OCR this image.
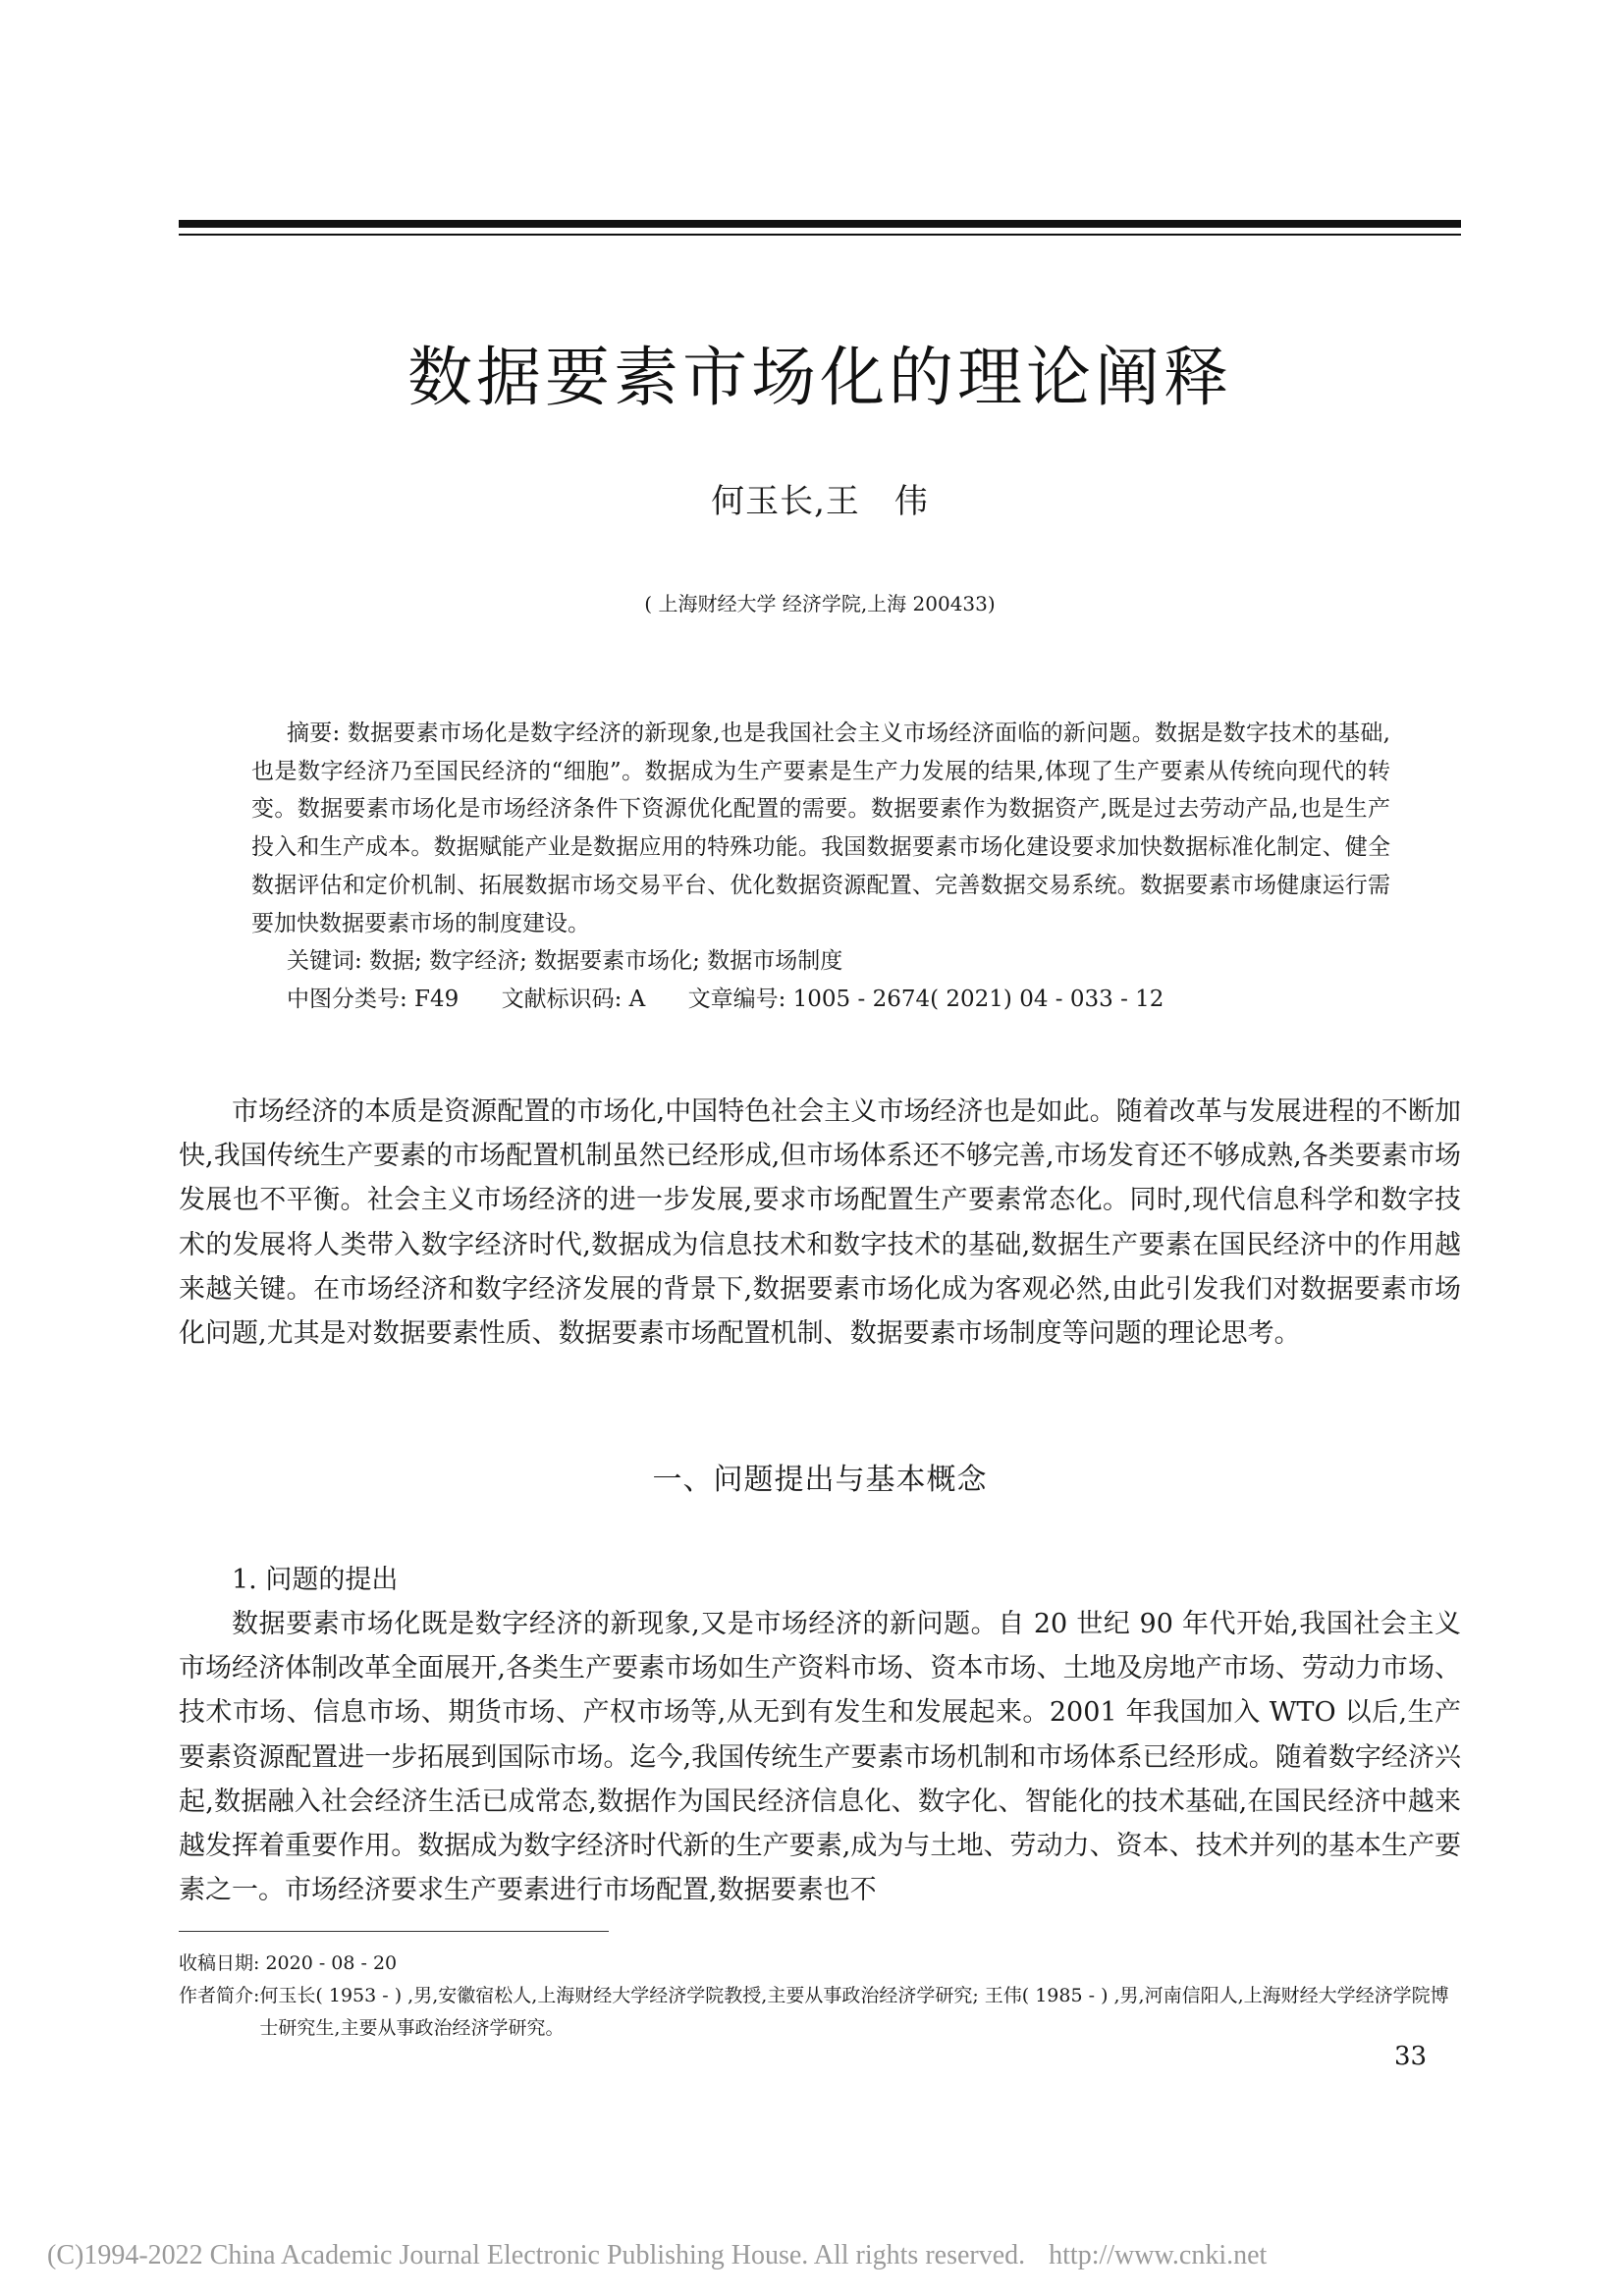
数据要素市场化的理论阐释
何玉长,王　伟
( 上海财经大学 经济学院,上海 200433)

摘要: 数据要素市场化是数字经济的新现象,也是我国社会主义市场经济面临的新问题。数据是数字技术的基础,也是数字经济乃至国民经济的“细胞”。数据成为生产要素是生产力发展的结果,体现了生产要素从传统向现代的转变。数据要素市场化是市场经济条件下资源优化配置的需要。数据要素作为数据资产,既是过去劳动产品,也是生产投入和生产成本。数据赋能产业是数据应用的特殊功能。我国数据要素市场化建设要求加快数据标准化制定、健全数据评估和定价机制、拓展数据市场交易平台、优化数据资源配置、完善数据交易系统。数据要素市场健康运行需要加快数据要素市场的制度建设。

关键词: 数据; 数字经济; 数据要素市场化; 数据市场制度

中图分类号: F49 文献标识码: A 文章编号: 1005 - 2674( 2021) 04 - 033 - 12

市场经济的本质是资源配置的市场化,中国特色社会主义市场经济也是如此。随着改革与发展进程的不断加快,我国传统生产要素的市场配置机制虽然已经形成,但市场体系还不够完善,市场发育还不够成熟,各类要素市场发展也不平衡。社会主义市场经济的进一步发展,要求市场配置生产要素常态化。同时,现代信息科学和数字技术的发展将人类带入数字经济时代,数据成为信息技术和数字技术的基础,数据生产要素在国民经济中的作用越来越关键。在市场经济和数字经济发展的背景下,数据要素市场化成为客观必然,由此引发我们对数据要素市场化问题,尤其是对数据要素性质、数据要素市场配置机制、数据要素市场制度等问题的理论思考。

一、问题提出与基本概念
1. 问题的提出

数据要素市场化既是数字经济的新现象,又是市场经济的新问题。自 20 世纪 90 年代开始,我国社会主义市场经济体制改革全面展开,各类生产要素市场如生产资料市场、资本市场、土地及房地产市场、劳动力市场、技术市场、信息市场、期货市场、产权市场等,从无到有发生和发展起来。2001 年我国加入 WTO 以后,生产要素资源配置进一步拓展到国际市场。迄今,我国传统生产要素市场机制和市场体系已经形成。随着数字经济兴起,数据融入社会经济生活已成常态,数据作为国民经济信息化、数字化、智能化的技术基础,在国民经济中越来越发挥着重要作用。数据成为数字经济时代新的生产要素,成为与土地、劳动力、资本、技术并列的基本生产要素之一。市场经济要求生产要素进行市场配置,数据要素也不

收稿日期: 2020 - 08 - 20

作者简介: 何玉长( 1953 - ) ,男,安徽宿松人,上海财经大学经济学院教授,主要从事政治经济学研究; 王伟( 1985 - ) ,男,河南信阳人,上海财经大学经济学院博士研究生,主要从事政治经济学研究。
33
(C)1994-2022 China Academic Journal Electronic Publishing House. All rights reserved. http://www.cnki.net
